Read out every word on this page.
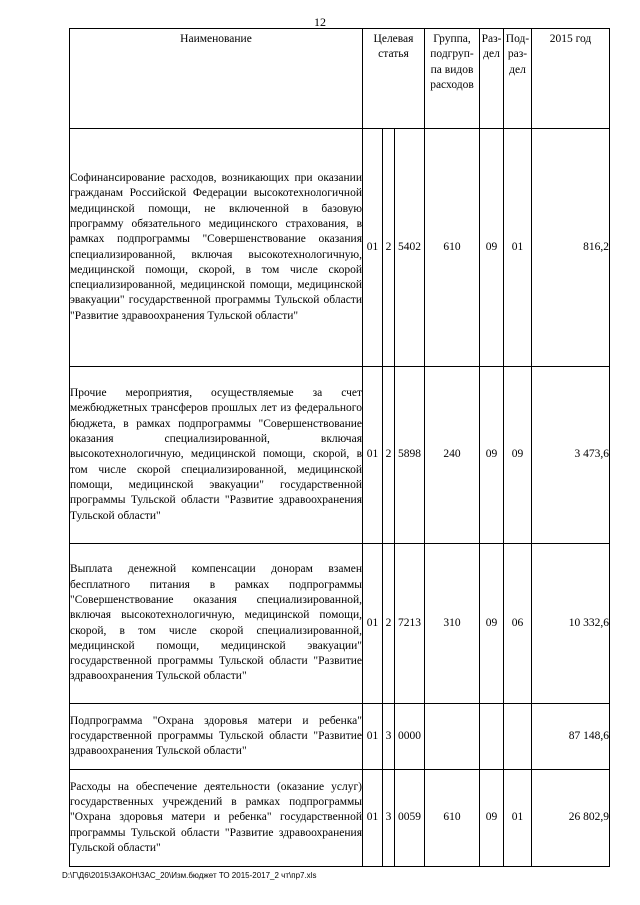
12
Наименование	Целевая статья			Группа, подгруп-па видов расходов	Раз-дел	Под-раз-дел	2015 год
Софинансирование расходов, возникающих при оказании гражданам Российской Федерации высокотехнологичной медицинской помощи, не включенной в базовую программу обязательного медицинского страхования, в рамках подпрограммы "Совершенствование оказания специализированной, включая высокотехнологичную, медицинской помощи, скорой, в том числе скорой специализированной, медицинской помощи, медицинской эвакуации" государственной программы Тульской области "Развитие здравоохранения Тульской области"	01	2	5402	610	09	01	816,2
Прочие мероприятия, осуществляемые за счет межбюджетных трансферов прошлых лет из федерального бюджета, в рамках подпрограммы "Совершенствование оказания специализированной, включая высокотехнологичную, медицинской помощи, скорой, в том числе скорой специализированной, медицинской помощи, медицинской эвакуации" государственной программы Тульской области "Развитие здравоохранения Тульской области"	01	2	5898	240	09	09	3 473,6
Выплата денежной компенсации донорам взамен бесплатного питания в рамках подпрограммы "Совершенствование оказания специализированной, включая высокотехнологичную, медицинской помощи, скорой, в том числе скорой специализированной, медицинской помощи, медицинской эвакуации" государственной программы Тульской области "Развитие здравоохранения Тульской области"	01	2	7213	310	09	06	10 332,6
Подпрограмма "Охрана здоровья матери и ребенка" государственной программы Тульской области "Развитие здравоохранения Тульской области"	01	3	0000				87 148,6
Расходы на обеспечение деятельности (оказание услуг) государственных учреждений в рамках подпрограммы "Охрана здоровья матери и ребенка" государственной программы Тульской области "Развитие здравоохранения Тульской области"	01	3	0059	610	09	01	26 802,9
D:\Г\Д6\2015\ЗАКОН\ЗАС_20\Изм.бюджет ТО 2015-2017_2 чт\пр7.xls
